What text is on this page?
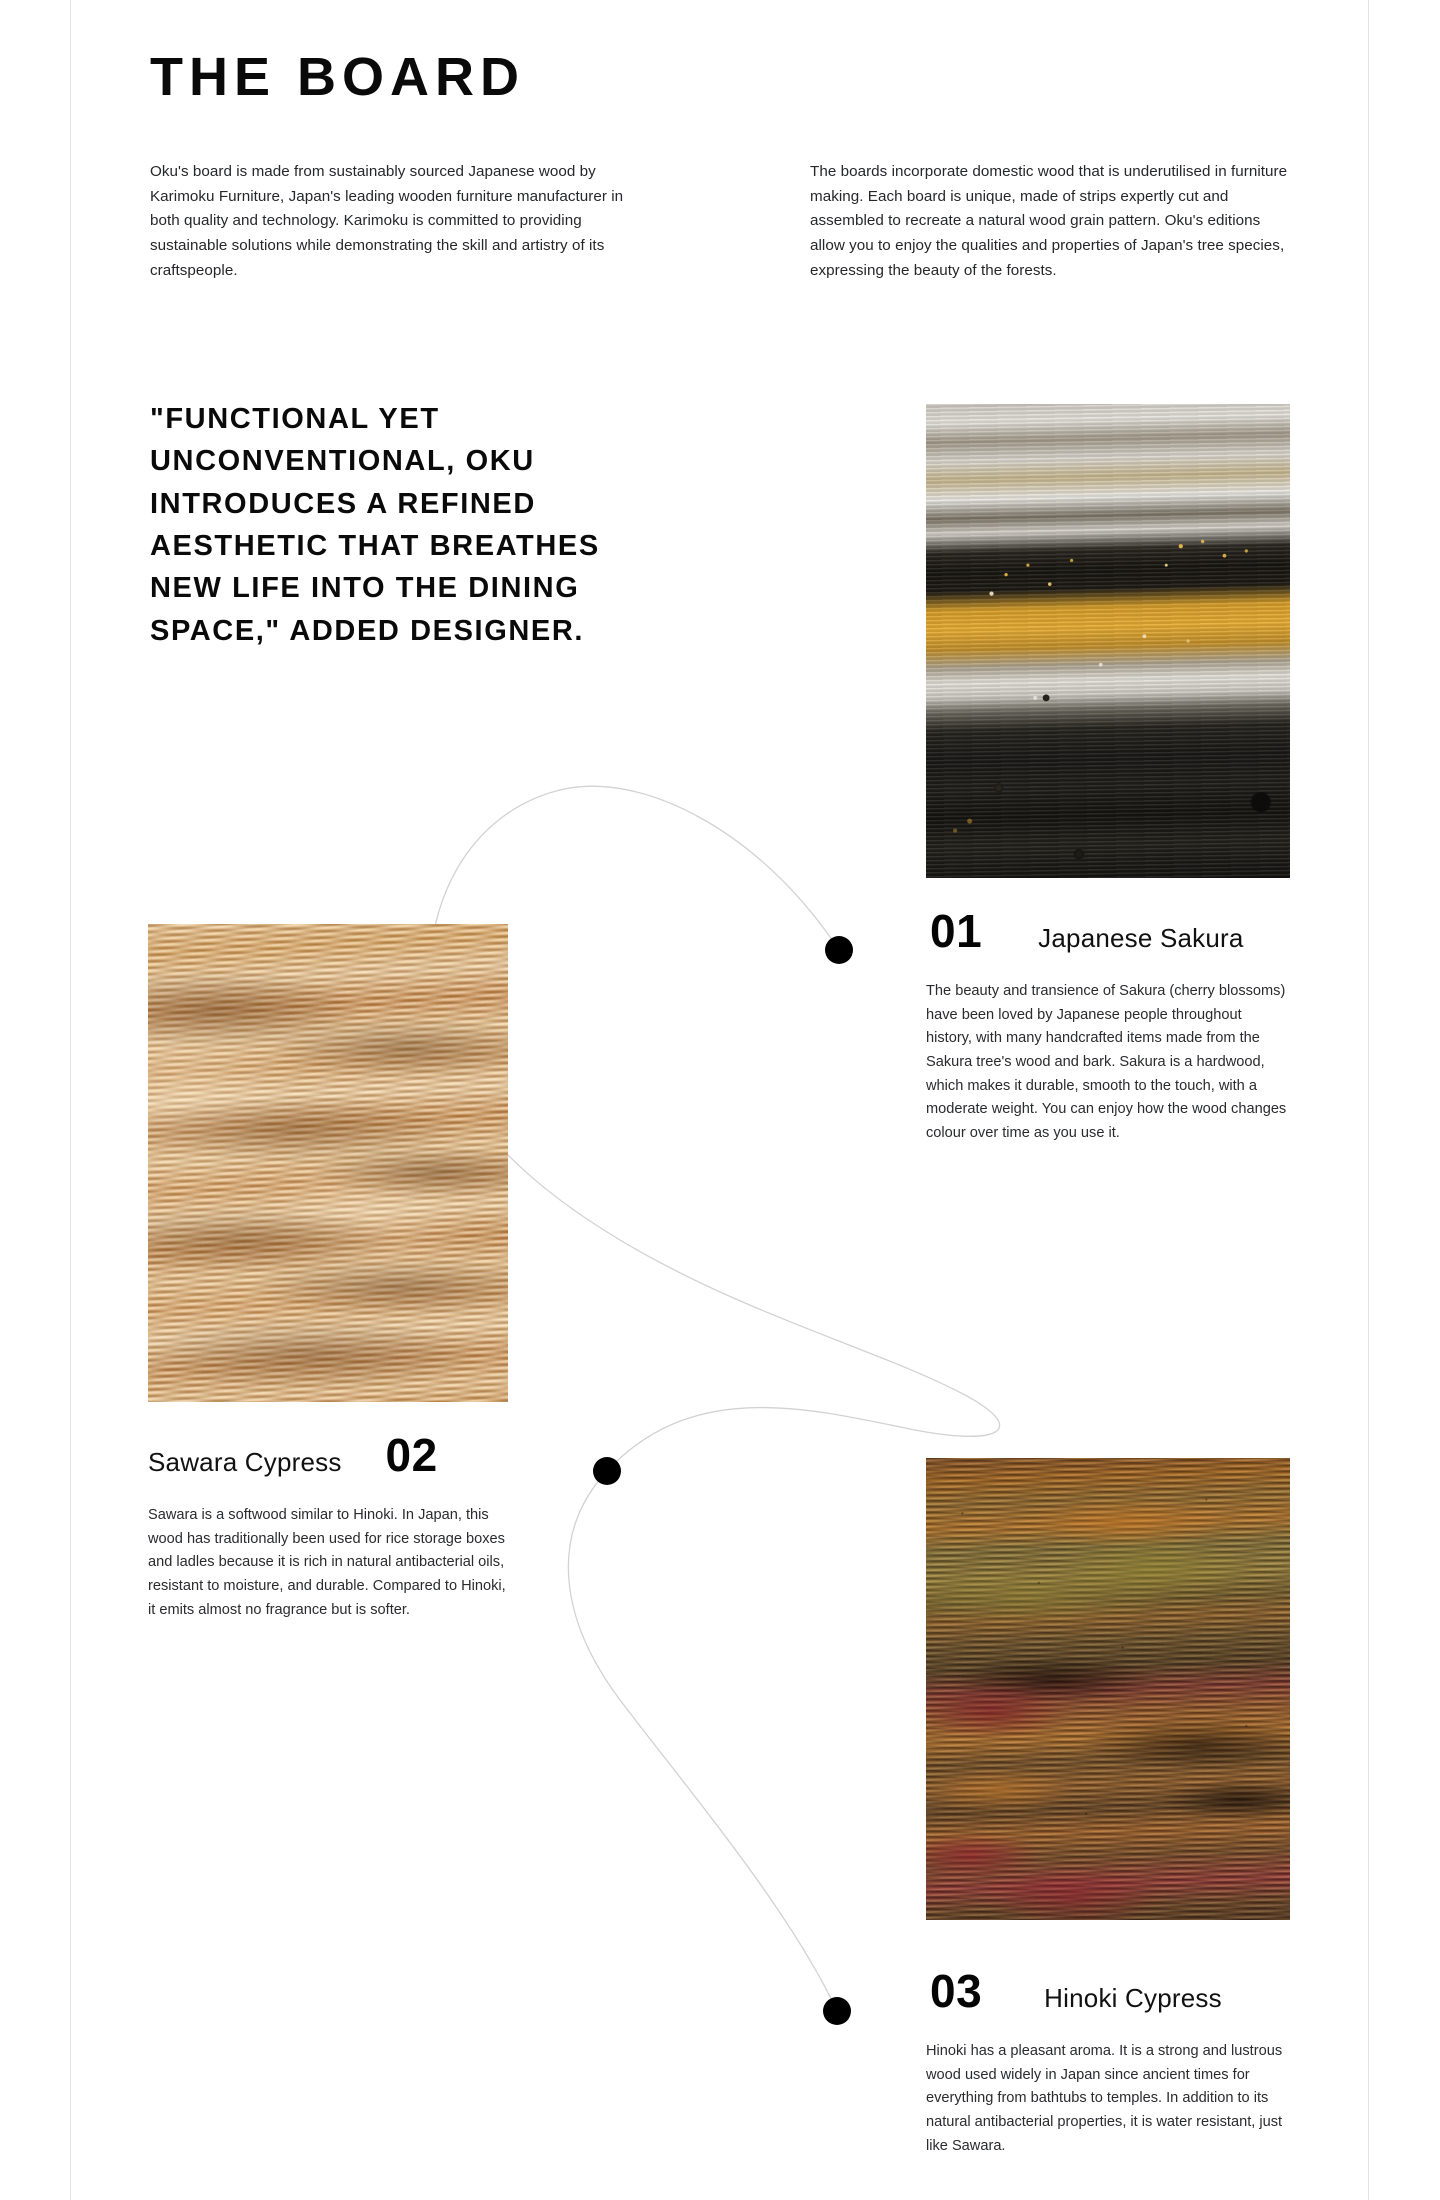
THE BOARD

Oku's board is made from sustainably sourced Japanese wood by Karimoku Furniture, Japan's leading wooden furniture manufacturer in both quality and technology. Karimoku is committed to providing sustainable solutions while demonstrating the skill and artistry of its craftspeople.

The boards incorporate domestic wood that is underutilised in furniture making. Each board is unique, made of strips expertly cut and assembled to recreate a natural wood grain pattern. Oku's editions allow you to enjoy the qualities and properties of Japan's tree species, expressing the beauty of the forests.

"FUNCTIONAL YET UNCONVENTIONAL, OKU INTRODUCES A REFINED AESTHETIC THAT BREATHES NEW LIFE INTO THE DINING SPACE," ADDED DESIGNER.
01 Japanese Sakura

The beauty and transience of Sakura (cherry blossoms) have been loved by Japanese people throughout history, with many handcrafted items made from the Sakura tree's wood and bark. Sakura is a hardwood, which makes it durable, smooth to the touch, with a moderate weight. You can enjoy how the wood changes colour over time as you use it.

02
Sawara Cypress

Sawara is a softwood similar to Hinoki. In Japan, this wood has traditionally been used for rice storage boxes and ladles because it is rich in natural antibacterial oils, resistant to moisture, and durable. Compared to Hinoki, it emits almost no fragrance but is softer.

03 Hinoki Cypress

Hinoki has a pleasant aroma. It is a strong and lustrous wood used widely in Japan since ancient times for everything from bathtubs to temples. In addition to its natural antibacterial properties, it is water resistant, just like Sawara.
